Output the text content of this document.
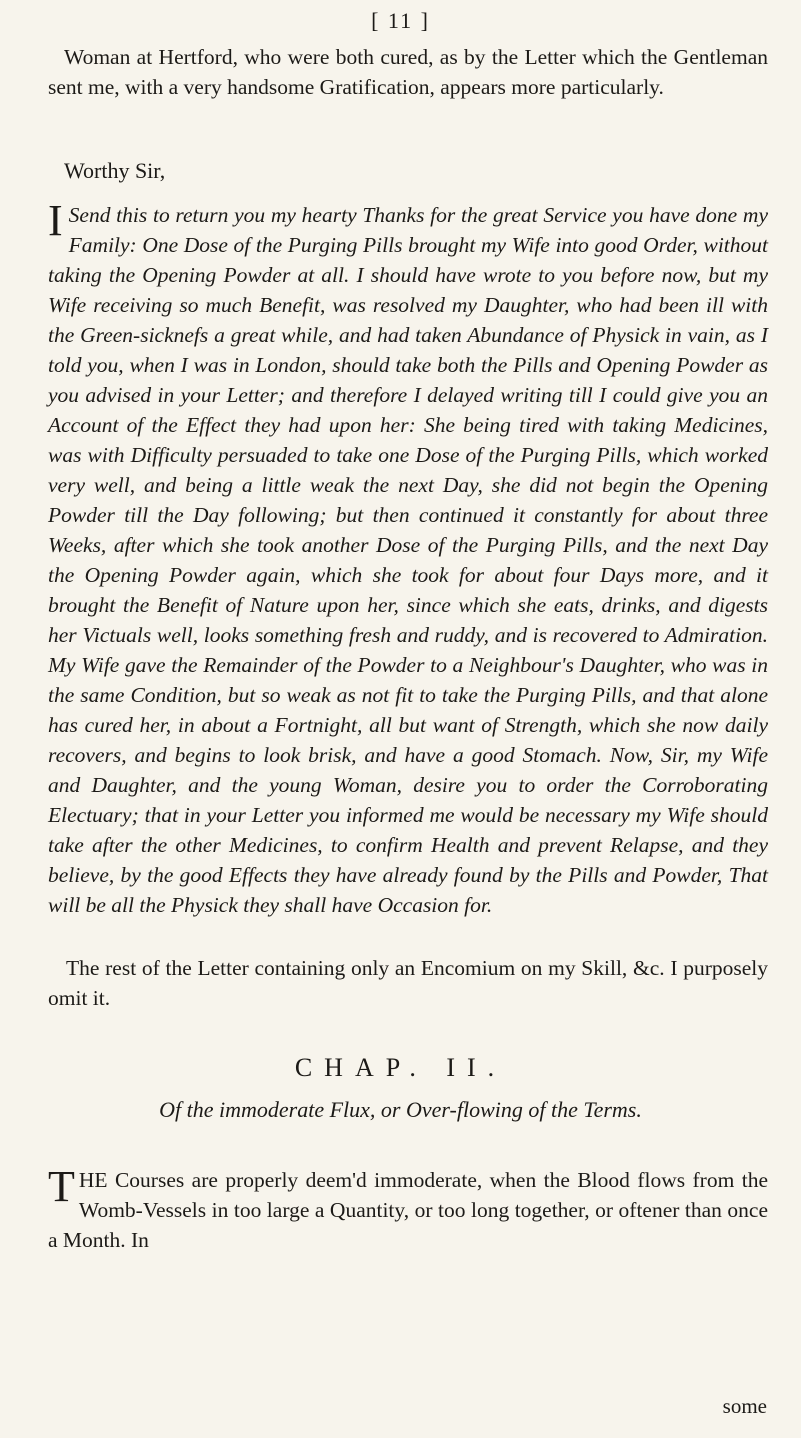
[ 11 ]
Woman at Hertford, who were both cured, as by the Letter which the Gentleman sent me, with a very handsome Gratification, appears more particularly.
Worthy Sir,
I Send this to return you my hearty Thanks for the great Service you have done my Family: One Dose of the Purging Pills brought my Wife into good Order, without taking the Opening Powder at all. I should have wrote to you before now, but my Wife receiving so much Benefit, was resolved my Daughter, who had been ill with the Green-sicknefs a great while, and had taken Abundance of Physick in vain, as I told you, when I was in London, should take both the Pills and Opening Powder as you advised in your Letter; and therefore I delayed writing till I could give you an Account of the Effect they had upon her: She being tired with taking Medicines, was with Difficulty persuaded to take one Dose of the Purging Pills, which worked very well, and being a little weak the next Day, she did not begin the Opening Powder till the Day following; but then continued it constantly for about three Weeks, after which she took another Dose of the Purging Pills, and the next Day the Opening Powder again, which she took for about four Days more, and it brought the Benefit of Nature upon her, since which she eats, drinks, and digests her Victuals well, looks something fresh and ruddy, and is recovered to Admiration. My Wife gave the Remainder of the Powder to a Neighbour's Daughter, who was in the same Condition, but so weak as not fit to take the Purging Pills, and that alone has cured her, in about a Fortnight, all but want of Strength, which she now daily recovers, and begins to look brisk, and have a good Stomach. Now, Sir, my Wife and Daughter, and the young Woman, desire you to order the Corroborating Electuary; that in your Letter you informed me would be necessary my Wife should take after the other Medicines, to confirm Health and prevent Relapse, and they believe, by the good Effects they have already found by the Pills and Powder, That will be all the Physick they shall have Occasion for.
The rest of the Letter containing only an Encomium on my Skill, &c. I purposely omit it.
CHAP. II.
Of the immoderate Flux, or Over-flowing of the Terms.
T HE Courses are properly deem'd immoderate, when the Blood flows from the Womb-Vessels in too large a Quantity, or too long together, or oftener than once a Month. In
some
